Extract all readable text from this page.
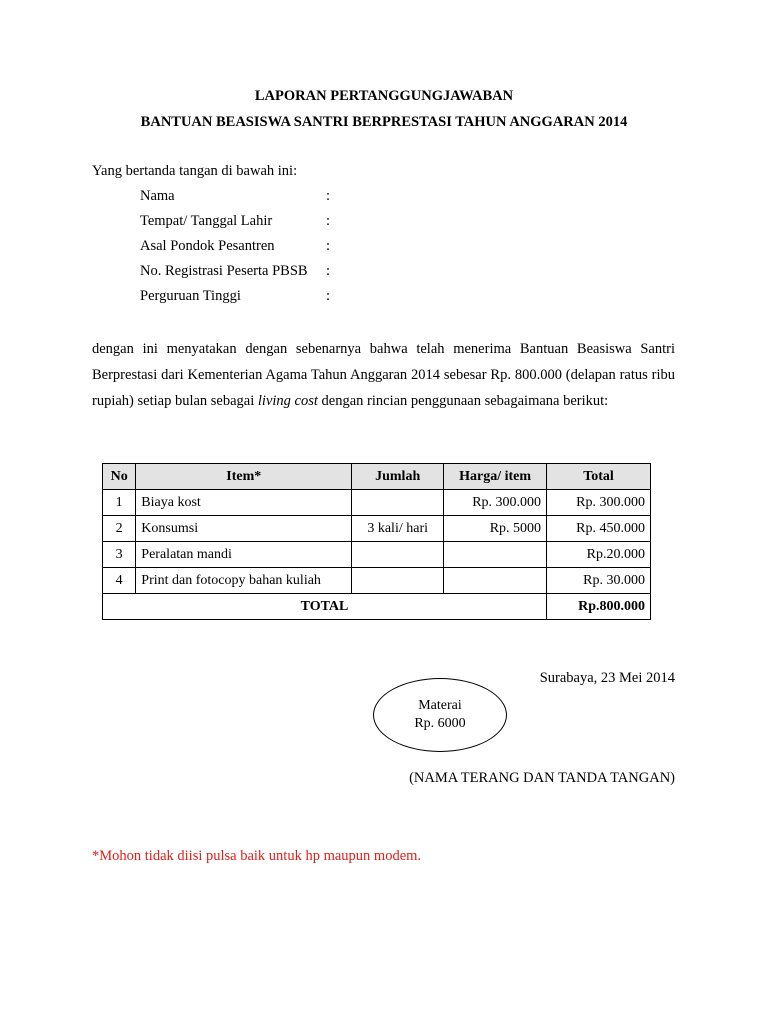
LAPORAN PERTANGGUNGJAWABAN
BANTUAN BEASISWA SANTRI BERPRESTASI TAHUN ANGGARAN 2014
Yang bertanda tangan di bawah ini:
Nama	:
Tempat/ Tanggal Lahir	:
Asal Pondok Pesantren	:
No. Registrasi Peserta PBSB :
Perguruan Tinggi	:

dengan ini menyatakan dengan sebenarnya bahwa telah menerima Bantuan Beasiswa Santri Berprestasi dari Kementerian Agama Tahun Anggaran 2014 sebesar Rp. 800.000 (delapan ratus ribu rupiah) setiap bulan sebagai living cost dengan rincian penggunaan sebagaimana berikut:

No	Item*	Jumlah	Harga/ item	Total
1	Biaya kost		Rp. 300.000	Rp. 300.000
2	Konsumsi	3 kali/ hari	Rp. 5000	Rp. 450.000
3	Peralatan mandi			Rp.20.000
4	Print dan fotocopy bahan kuliah			Rp. 30.000
TOTAL				Rp.800.000
Surabaya, 23 Mei 2014
Materai
Rp. 6000
(NAMA TERANG DAN TANDA TANGAN)
*Mohon tidak diisi pulsa baik untuk hp maupun modem.
